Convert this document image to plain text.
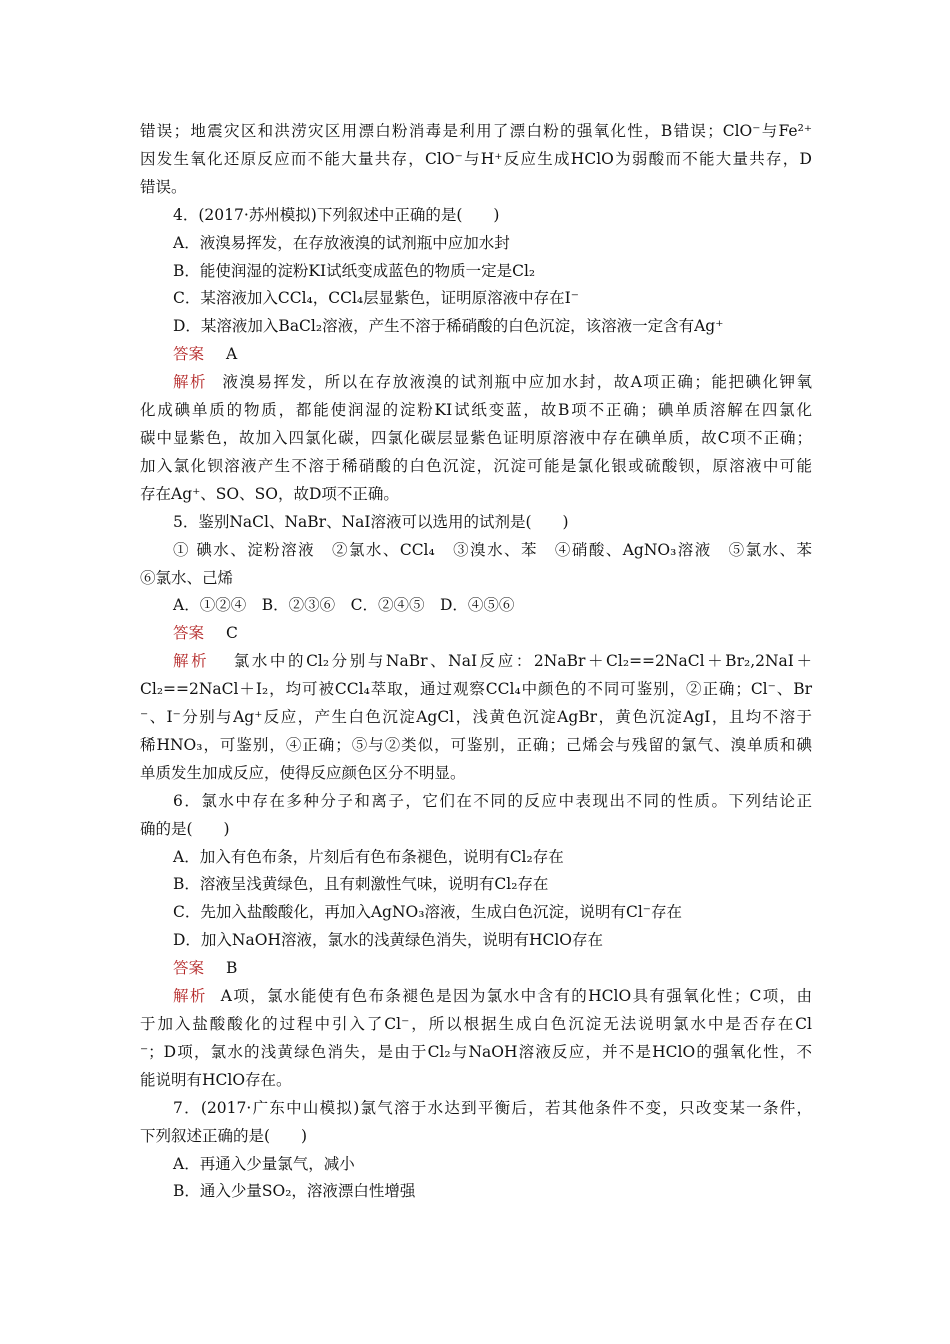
错误；地震灾区和洪涝灾区用漂白粉消毒是利用了漂白粉的强氧化性，B错误；ClO⁻与Fe²⁺
因发生氧化还原反应而不能大量共存，ClO⁻与H⁺反应生成HClO为弱酸而不能大量共存，D
错误。
4．(2017·苏州模拟)下列叙述中正确的是(　　)
A．液溴易挥发，在存放液溴的试剂瓶中应加水封
B．能使润湿的淀粉KI试纸变成蓝色的物质一定是Cl₂
C．某溶液加入CCl₄，CCl₄层显紫色，证明原溶液中存在I⁻
D．某溶液加入BaCl₂溶液，产生不溶于稀硝酸的白色沉淀，该溶液一定含有Ag⁺
答案 A
解析 液溴易挥发，所以在存放液溴的试剂瓶中应加水封，故A项正确；能把碘化钾氧
化成碘单质的物质，都能使润湿的淀粉KI试纸变蓝，故B项不正确；碘单质溶解在四氯化
碳中显紫色，故加入四氯化碳，四氯化碳层显紫色证明原溶液中存在碘单质，故C项不正确；
加入氯化钡溶液产生不溶于稀硝酸的白色沉淀，沉淀可能是氯化银或硫酸钡，原溶液中可能
存在Ag⁺、SO、SO，故D项不正确。
5．鉴别NaCl、NaBr、NaI溶液可以选用的试剂是(　　)
① 碘水、淀粉溶液　②氯水、CCl₄　③溴水、苯　④硝酸、AgNO₃溶液　⑤氯水、苯
⑥氯水、己烯
A．①②④　B．②③⑥　C．②④⑤　D．④⑤⑥
答案 C
解析 氯水中的Cl₂分别与NaBr、NaI反应：2NaBr＋Cl₂==2NaCl＋Br₂,2NaI＋
Cl₂==2NaCl＋I₂，均可被CCl₄萃取，通过观察CCl₄中颜色的不同可鉴别，②正确；Cl⁻、Br
⁻、I⁻分别与Ag⁺反应，产生白色沉淀AgCl，浅黄色沉淀AgBr，黄色沉淀AgI，且均不溶于
稀HNO₃，可鉴别，④正确；⑤与②类似，可鉴别，正确；己烯会与残留的氯气、溴单质和碘
单质发生加成反应，使得反应颜色区分不明显。
6．氯水中存在多种分子和离子，它们在不同的反应中表现出不同的性质。下列结论正
确的是(　　)
A．加入有色布条，片刻后有色布条褪色，说明有Cl₂存在
B．溶液呈浅黄绿色，且有刺激性气味，说明有Cl₂存在
C．先加入盐酸酸化，再加入AgNO₃溶液，生成白色沉淀，说明有Cl⁻存在
D．加入NaOH溶液，氯水的浅黄绿色消失，说明有HClO存在
答案 B
解析 A项，氯水能使有色布条褪色是因为氯水中含有的HClO具有强氧化性；C项，由
于加入盐酸酸化的过程中引入了Cl⁻，所以根据生成白色沉淀无法说明氯水中是否存在Cl
⁻；D项，氯水的浅黄绿色消失，是由于Cl₂与NaOH溶液反应，并不是HClO的强氧化性，不
能说明有HClO存在。
7．(2017·广东中山模拟)氯气溶于水达到平衡后，若其他条件不变，只改变某一条件，
下列叙述正确的是(　　)
A．再通入少量氯气，减小
B．通入少量SO₂，溶液漂白性增强
